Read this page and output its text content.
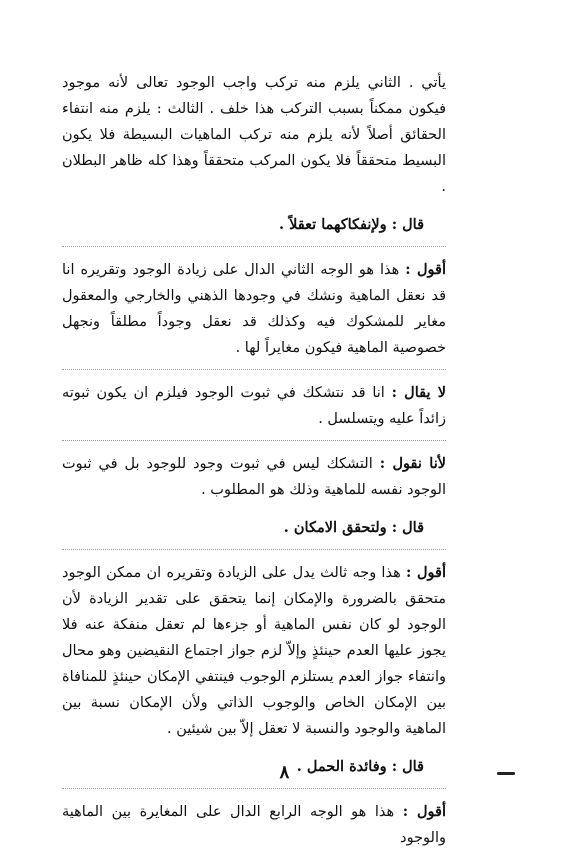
يأتي . الثاني يلزم منه تركب واجب الوجود تعالى لأنه موجود فيكون ممكناً بسبب التركب هذا خلف . الثالث : يلزم منه انتفاء الحقائق أصلاً لأنه يلزم منه تركب الماهيات البسيطة فلا يكون البسيط متحققاً فلا يكون المركب متحققاً وهذا كله ظاهر البطلان .

قال : ولإنفكاكهما تعقلاً .

أقول : هذا هو الوجه الثاني الدال على زيادة الوجود وتقريره انا قد نعقل الماهية ونشك في وجودها الذهني والخارجي والمعقول مغاير للمشكوك فيه وكذلك قد نعقل وجوداً مطلقاً ونجهل خصوصية الماهية فيكون مغايراً لها .

لا يقال : انا قد نتشكك في ثبوت الوجود فيلزم ان يكون ثبوته زائداً عليه ويتسلسل .

لأنا نقول : التشكك ليس في ثبوت وجود للوجود بل في ثبوت الوجود نفسه للماهية وذلك هو المطلوب .

قال : ولتحقق الامكان .

أقول : هذا وجه ثالث يدل على الزيادة وتقريره ان ممكن الوجود متحقق بالضرورة والإمكان إنما يتحقق على تقدير الزيادة لأن الوجود لو كان نفس الماهية أو جزءها لم تعقل منفكة عنه فلا يجوز عليها العدم حينئذٍ وإلاّ لزم جواز اجتماع النقيضين وهو محال وانتفاء جواز العدم يستلزم الوجوب فينتفي الإمكان حينئذٍ للمنافاة بين الإمكان الخاص والوجوب الذاتي ولأن الإمكان نسبة بين الماهية والوجود والنسبة لا تعقل إلاّ بين شيئين .

قال : وفائدة الحمل .

أقول : هذا هو الوجه الرابع الدال على المغايرة بين الماهية والوجود

٨
